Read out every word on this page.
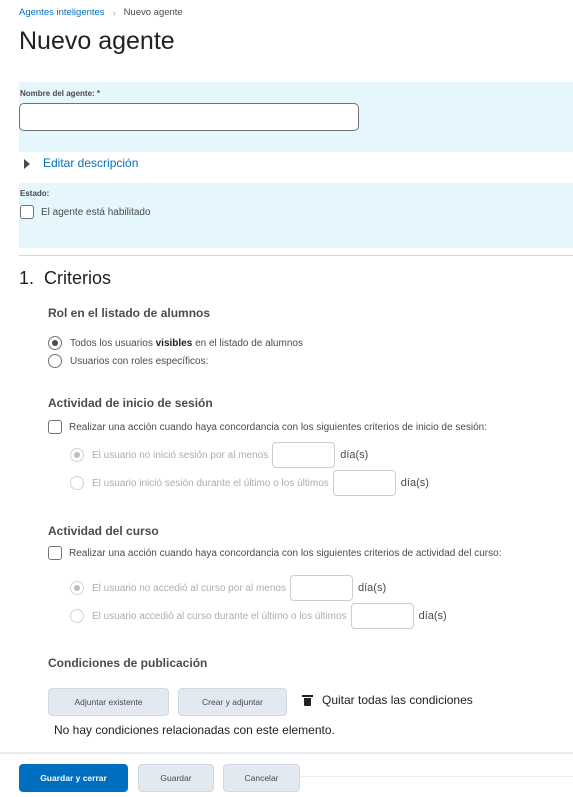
Agentes inteligentes › Nuevo agente
Nuevo agente
Nombre del agente: *
Editar descripción
Estado:
El agente está habilitado
1. Criterios
Rol en el listado de alumnos
Todos los usuarios visibles en el listado de alumnos
Usuarios con roles específicos:
Actividad de inicio de sesión
Realizar una acción cuando haya concordancia con los siguientes criterios de inicio de sesión:
El usuario no inició sesión por al menos	día(s)
El usuario inició sesión durante el último o los últimos	día(s)
Actividad del curso
Realizar una acción cuando haya concordancia con los siguientes criterios de actividad del curso:
El usuario no accedió al curso por al menos	día(s)
El usuario accedió al curso durante el último o los últimos	día(s)
Condiciones de publicación
Adjuntar existente	Crear y adjuntar	Quitar todas las condiciones
No hay condiciones relacionadas con este elemento.
Guardar y cerrar	Guardar	Cancelar
